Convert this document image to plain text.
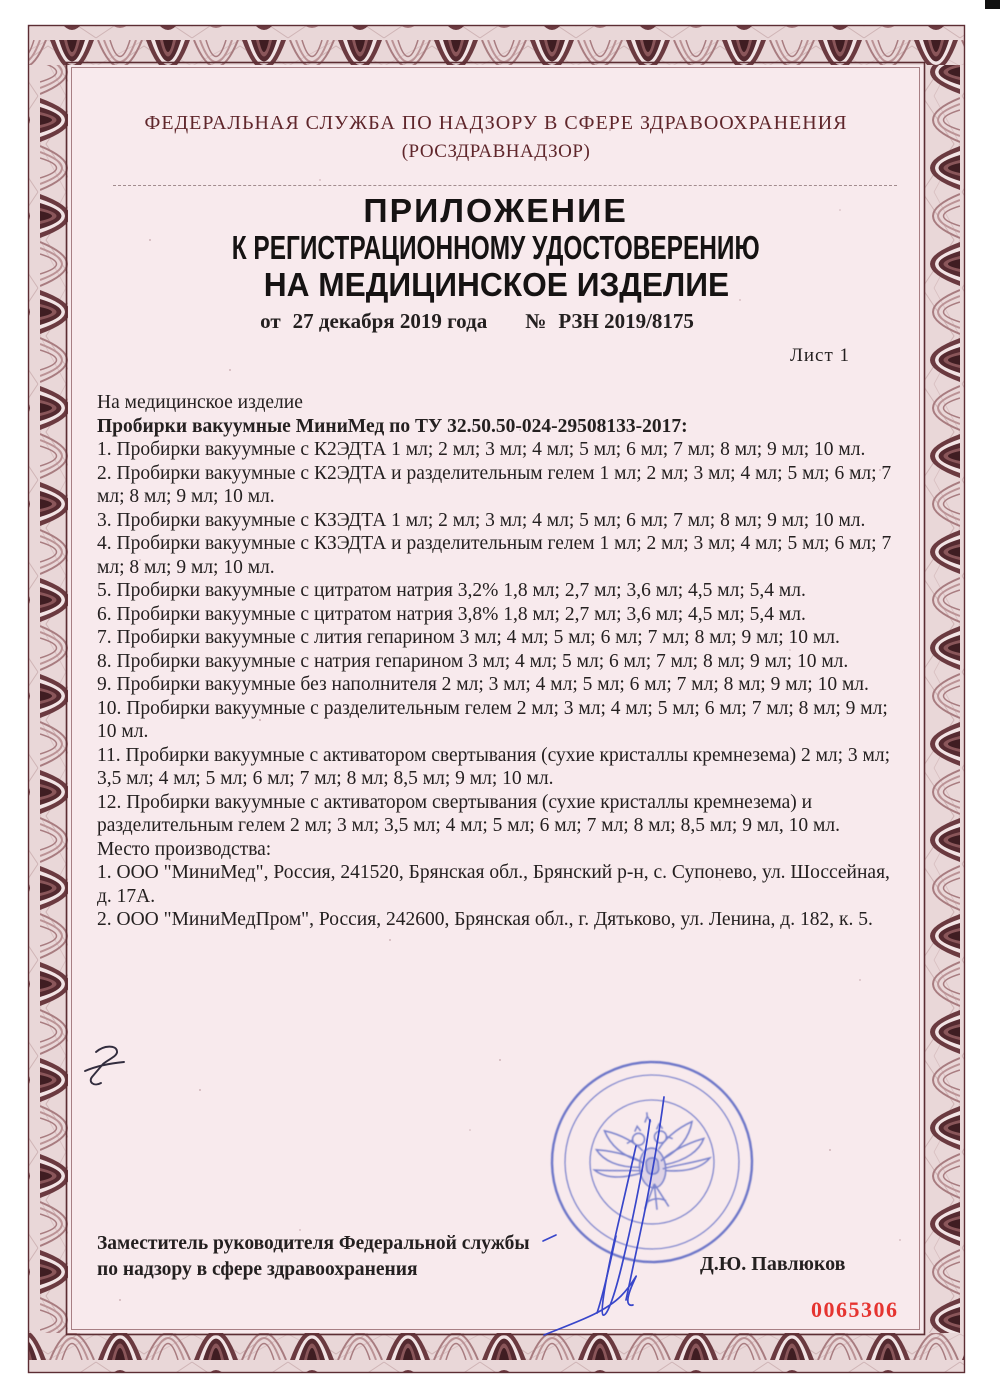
ФЕДЕРАЛЬНАЯ СЛУЖБА ПО НАДЗОРУ В СФЕРЕ ЗДРАВООХРАНЕНИЯ
(РОСЗДРАВНАДЗОР)
ПРИЛОЖЕНИЕ
К РЕГИСТРАЦИОННОМУ УДОСТОВЕРЕНИЮ
НА МЕДИЦИНСКОЕ ИЗДЕЛИЕ
от 27 декабря 2019 года № РЗН 2019/8175
Лист 1
На медицинское изделие
Пробирки вакуумные МиниМед по ТУ 32.50.50-024-29508133-2017:
1. Пробирки вакуумные с К2ЭДТА 1 мл; 2 мл; 3 мл; 4 мл; 5 мл; 6 мл; 7 мл; 8 мл; 9 мл; 10 мл.
2. Пробирки вакуумные с К2ЭДТА и разделительным гелем 1 мл; 2 мл; 3 мл; 4 мл; 5 мл; 6 мл; 7 мл; 8 мл; 9 мл; 10 мл.
3. Пробирки вакуумные с КЗЭДТА 1 мл; 2 мл; 3 мл; 4 мл; 5 мл; 6 мл; 7 мл; 8 мл; 9 мл; 10 мл.
4. Пробирки вакуумные с КЗЭДТА и разделительным гелем 1 мл; 2 мл; 3 мл; 4 мл; 5 мл; 6 мл; 7 мл; 8 мл; 9 мл; 10 мл.
5. Пробирки вакуумные с цитратом натрия 3,2% 1,8 мл; 2,7 мл; 3,6 мл; 4,5 мл; 5,4 мл.
6. Пробирки вакуумные с цитратом натрия 3,8% 1,8 мл; 2,7 мл; 3,6 мл; 4,5 мл; 5,4 мл.
7. Пробирки вакуумные с лития гепарином 3 мл; 4 мл; 5 мл; 6 мл; 7 мл; 8 мл; 9 мл; 10 мл.
8. Пробирки вакуумные с натрия гепарином 3 мл; 4 мл; 5 мл; 6 мл; 7 мл; 8 мл; 9 мл; 10 мл.
9. Пробирки вакуумные без наполнителя 2 мл; 3 мл; 4 мл; 5 мл; 6 мл; 7 мл; 8 мл; 9 мл; 10 мл.
10. Пробирки вакуумные с разделительным гелем 2 мл; 3 мл; 4 мл; 5 мл; 6 мл; 7 мл; 8 мл; 9 мл; 10 мл.
11. Пробирки вакуумные с активатором свертывания (сухие кристаллы кремнезема) 2 мл; 3 мл; 3,5 мл; 4 мл; 5 мл; 6 мл; 7 мл; 8 мл; 8,5 мл; 9 мл; 10 мл.
12. Пробирки вакуумные с активатором свертывания (сухие кристаллы кремнезема) и разделительным гелем 2 мл; 3 мл; 3,5 мл; 4 мл; 5 мл; 6 мл; 7 мл; 8 мл; 8,5 мл; 9 мл, 10 мл.
Место производства:
1. ООО "МиниМед", Россия, 241520, Брянская обл., Брянский р-н, с. Супонево, ул. Шоссейная, д. 17А.
2. ООО "МиниМедПром", Россия, 242600, Брянская обл., г. Дятьково, ул. Ленина, д. 182, к. 5.
Заместитель руководителя Федеральной службы
по надзору в сфере здравоохранения	Д.Ю. Павлюков
0065306
